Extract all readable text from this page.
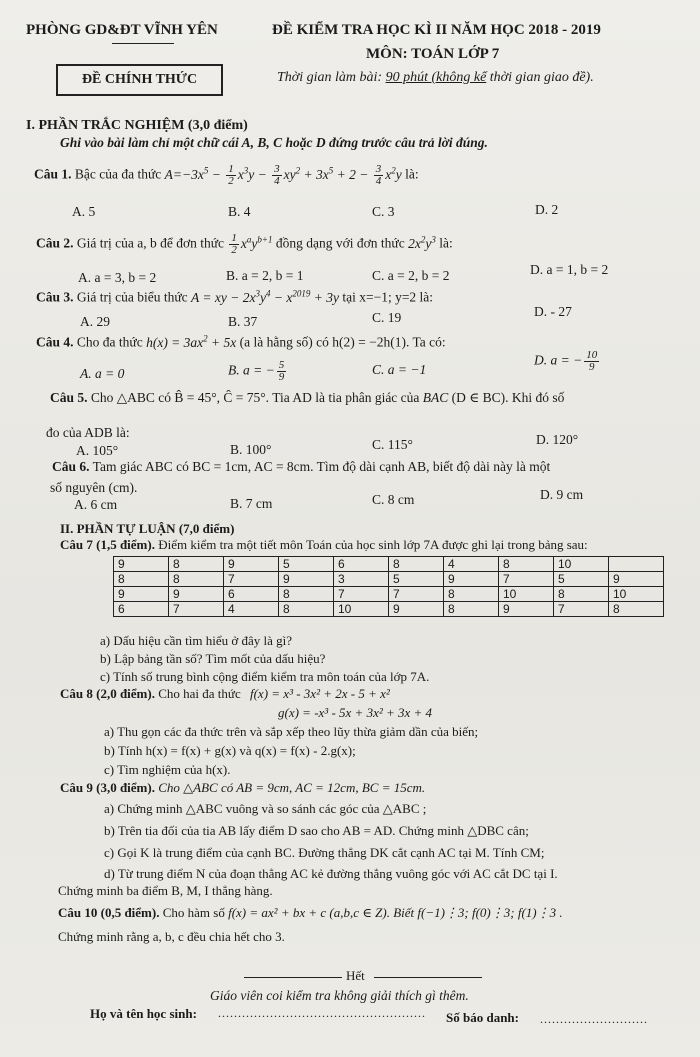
PHÒNG GD&ĐT VĨNH YÊN	ĐỀ KIỂM TRA HỌC KÌ II NĂM HỌC 2018 - 2019
MÔN: TOÁN LỚP 7
ĐỀ CHÍNH THỨC	Thời gian làm bài: 90 phút (không kể thời gian giao đề).
I. PHẦN TRẮC NGHIỆM (3,0 điểm)
Ghi vào bài làm chỉ một chữ cái A, B, C hoặc D đứng trước câu trả lời đúng.
Câu 1. Bậc của đa thức $A=-3x^5 - \frac{1}{2} x^3y - \frac{3}{4} xy^2 + 3x^5 + 2 - \frac{3}{4} x^2y$ là:
A. 5	B. 4	C. 3	D. 2
Câu 2. Giá trị của a, b để đơn thức $\frac{1}{2} x^ay^{b+1}$ đồng dạng với đơn thức $2x^2y^3$ là:
A. a = 3, b = 2	B. a = 2, b = 1	C. a = 2, b = 2	D. a = 1, b = 2
Câu 3. Giá trị của biểu thức A = xy − $2x^3y^4 - x^{2019} + 3y$ tại x=−1; y=2 là:
A. 29	B. 37	C. 19	D. - 27
Câu 4. Cho đa thức $h(x) = 3ax^2 + 5x$ (a là hằng số) có h(2) = −2h(1). Ta có:
A. a = 0	B. a = − $\frac{5}{9}$	C. a = −1
D. a = − $\frac{10}{9}$
Câu 5. Cho △ABC có B̂ = 45°, Ĉ = 75°. Tia AD là tia phân giác của BAC (D ∈ BC). Khi đó số
đo của ADB là:
A. 105°	B. 100°	C. 115°	D. 120°
Câu 6. Tam giác ABC có BC = 1cm, AC = 8cm. Tìm độ dài cạnh AB, biết độ dài này là một
số nguyên (cm).
A. 6 cm	B. 7 cm	C. 8 cm	D. 9 cm
II. PHẦN TỰ LUẬN (7,0 điểm)
Câu 7 (1,5 điểm). Điểm kiểm tra một tiết môn Toán của học sinh lớp 7A được ghi lại trong bảng sau:
9	8	9	5	6	8	4	8	10	
8	8	7	9	3	5	9	7	5	9
9	9	6	8	7	7	8	10	8	10
6	7	4	8	10	9	8	9	7	8
a) Dấu hiệu cần tìm hiểu ở đây là gì?
b) Lập bảng tần số? Tìm mốt của dấu hiệu?
c) Tính số trung bình cộng điểm kiểm tra môn toán của lớp 7A.
Câu 8 (2,0 điểm). Cho hai đa thức f(x) = x³ - 3x² + 2x - 5 + x²
g(x) = -x³ - 5x + 3x² + 3x + 4
a) Thu gọn các đa thức trên và sắp xếp theo lũy thừa giảm dần của biến;
b) Tính h(x) = f(x) + g(x) và q(x) = f(x) - 2.g(x);
c) Tìm nghiệm của h(x).
Câu 9 (3,0 điểm). Cho △ABC có AB = 9cm, AC = 12cm, BC = 15cm.
a) Chứng minh △ABC vuông và so sánh các góc của △ABC ;
b) Trên tia đối của tia AB lấy điểm D sao cho AB = AD. Chứng minh △DBC cân;
c) Gọi K là trung điểm của cạnh BC. Đường thẳng DK cắt cạnh AC tại M. Tính CM;
d) Từ trung điểm N của đoạn thẳng AC kẻ đường thẳng vuông góc với AC cắt DC tại I.
Chứng minh ba điểm B, M, I thẳng hàng.
Câu 10 (0,5 điểm). Cho hàm số f(x) = ax² + bx + c (a,b,c ∈ Z). Biết f(−1)⋮3; f(0)⋮3; f(1)⋮3 .
Chứng minh rằng a, b, c đều chia hết cho 3.
Hết
Giáo viên coi kiểm tra không giải thích gì thêm.
Họ và tên học sinh: .................................................... Số báo danh: ...........................
